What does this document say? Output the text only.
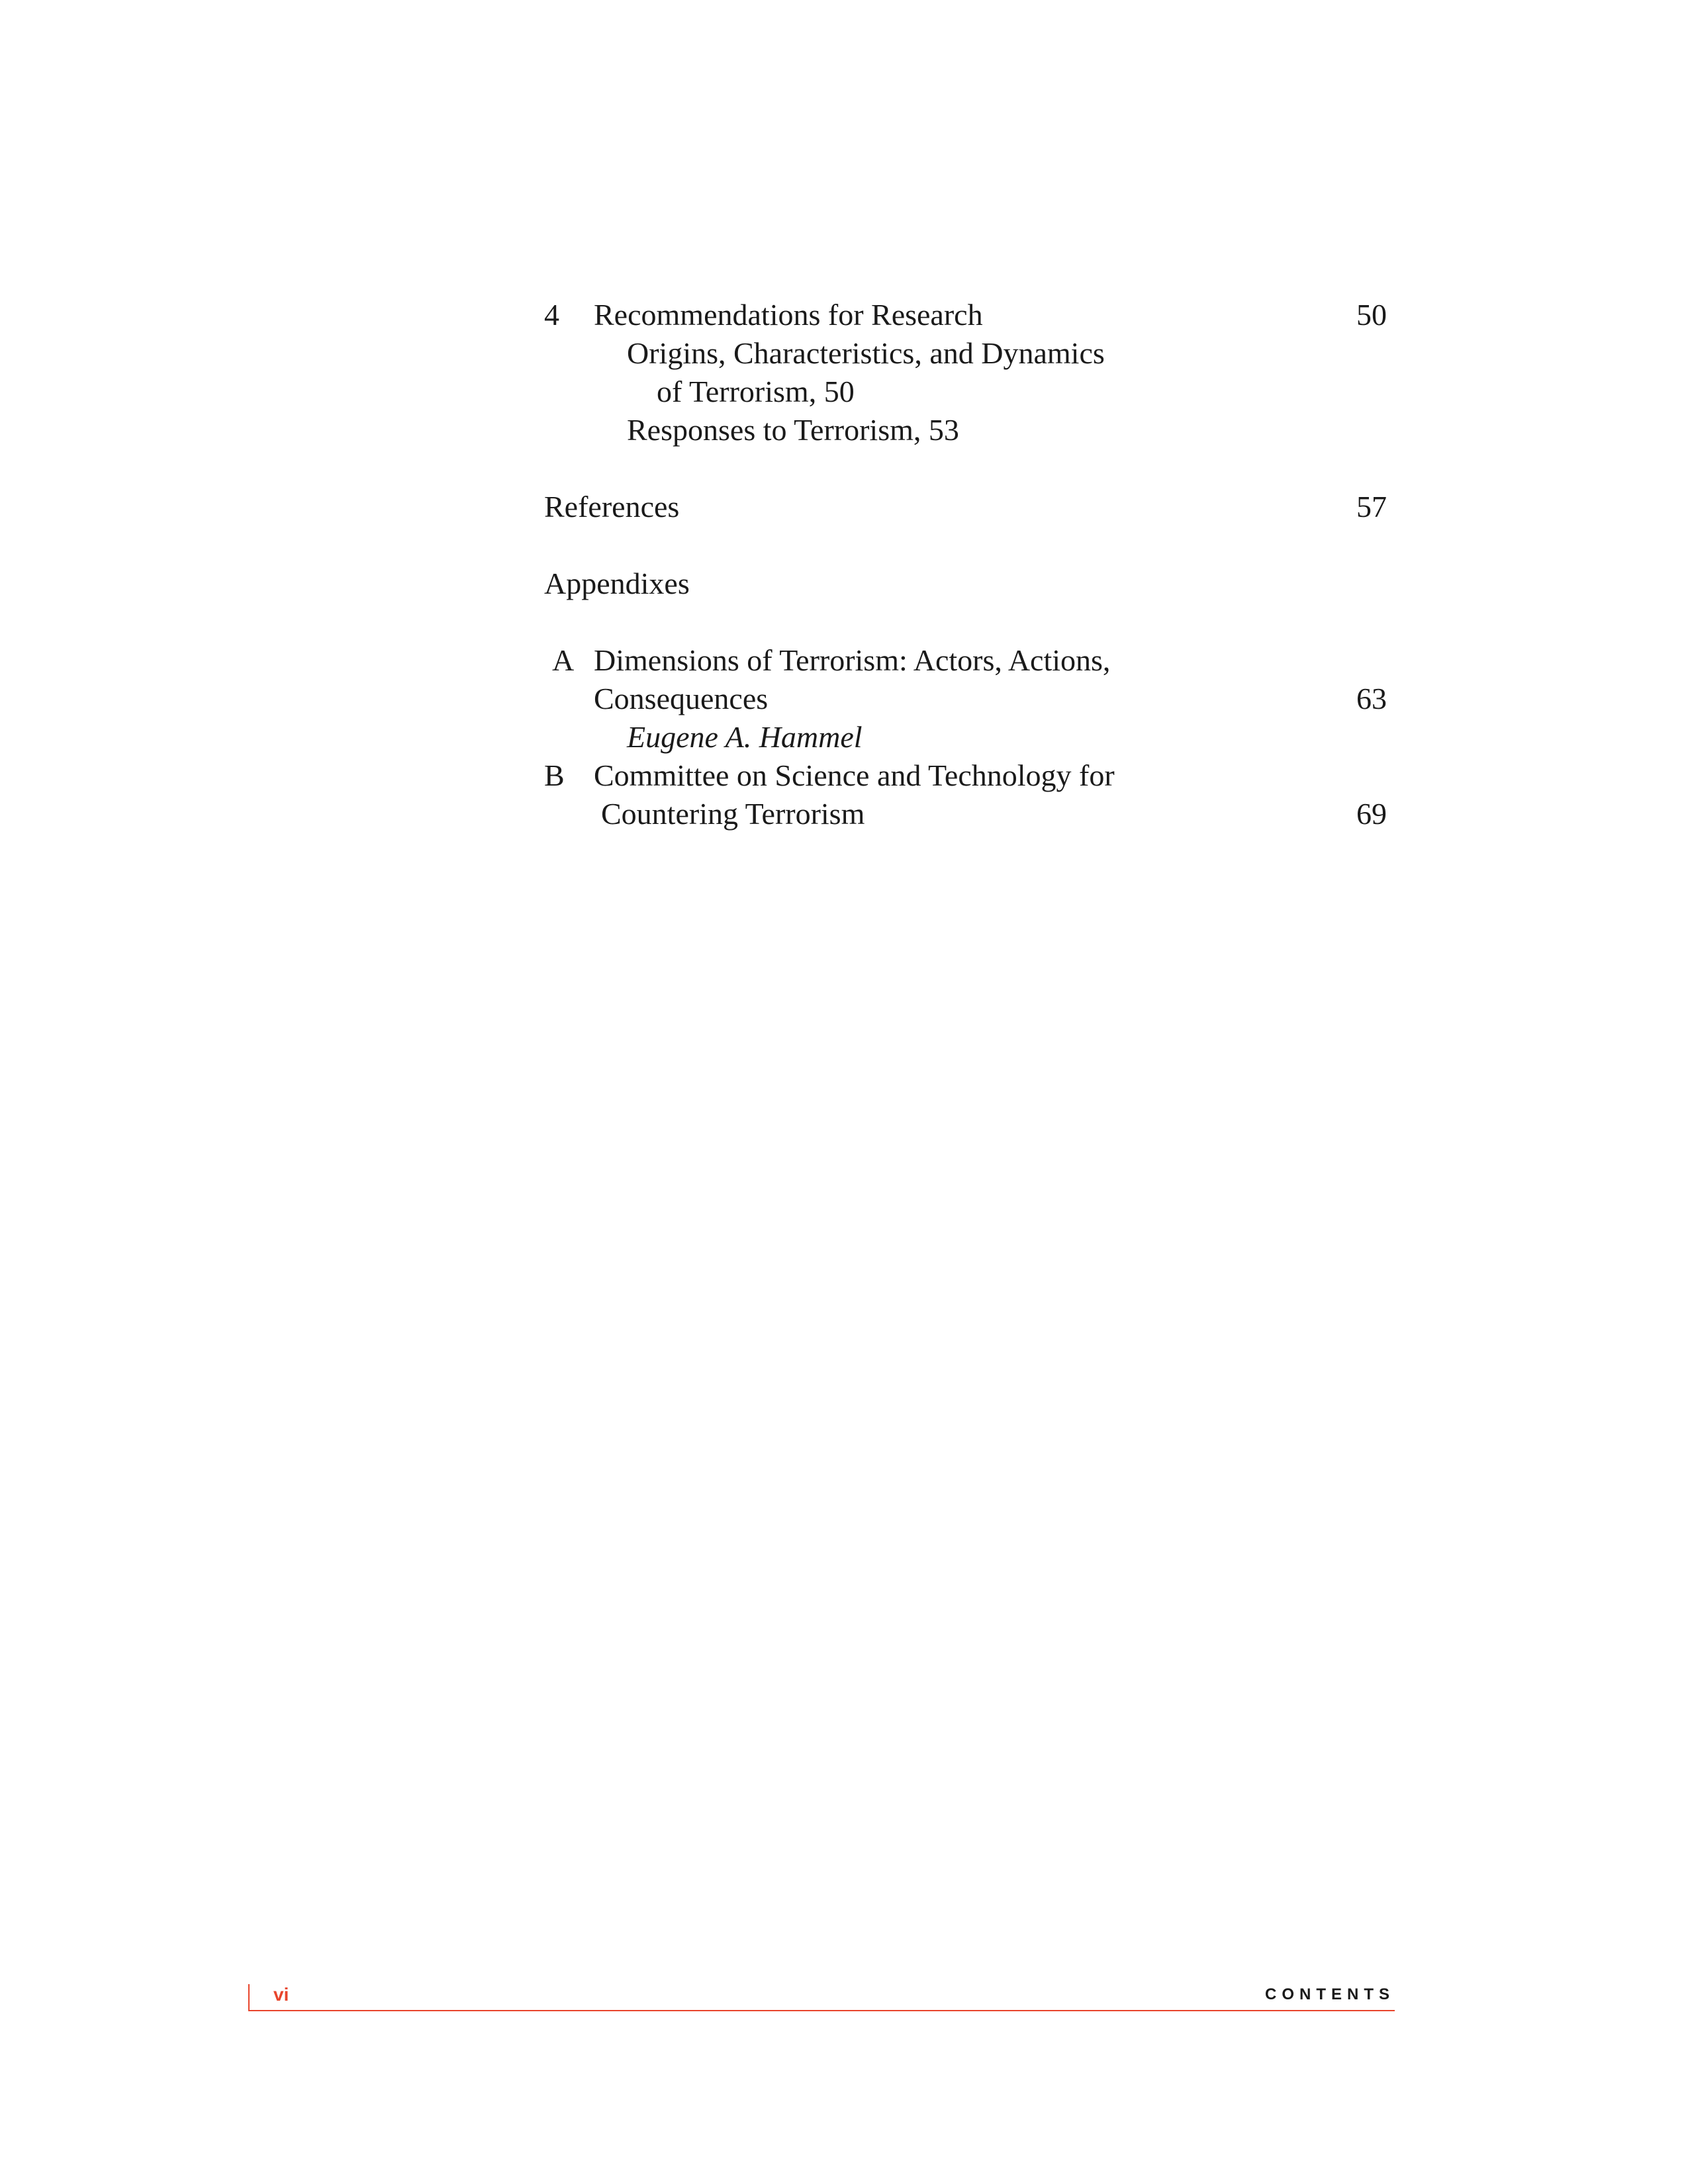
4 Recommendations for Research	50
Origins, Characteristics, and Dynamics
of Terrorism, 50
Responses to Terrorism, 53
References	57
Appendixes
A Dimensions of Terrorism: Actors, Actions,
Consequences	63
Eugene A. Hammel
B Committee on Science and Technology for
Countering Terrorism	69
vi	CONTENTS
